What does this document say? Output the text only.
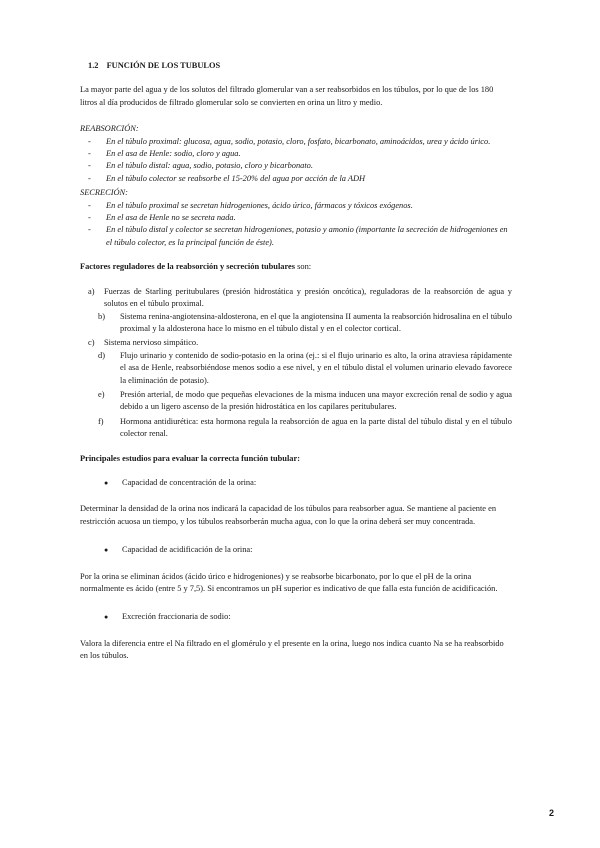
1.2 FUNCIÓN DE LOS TUBULOS

La mayor parte del agua y de los solutos del filtrado glomerular van a ser reabsorbidos en los túbulos, por lo que de los 180 litros al día producidos de filtrado glomerular solo se convierten en orina un litro y medio.

REABSORCIÓN:
- En el túbulo proximal: glucosa, agua, sodio, potasio, cloro, fosfato, bicarbonato, aminoácidos, urea y ácido úrico.
- En el asa de Henle: sodio, cloro y agua.
- En el túbulo distal: agua, sodio, potasio, cloro y bicarbonato.
- En el túbulo colector se reabsorbe el 15-20% del agua por acción de la ADH
SECRECIÓN:
- En el túbulo proximal se secretan hidrogeniones, ácido úrico, fármacos y tóxicos exógenos.
- En el asa de Henle no se secreta nada.
- En el túbulo distal y colector se secretan hidrogeniones, potasio y amonio (importante la secreción de hidrogeniones en el túbulo colector, es la principal función de éste).
Factores reguladores de la reabsorción y secreción tubulares son:
a) Fuerzas de Starling peritubulares (presión hidrostática y presión oncótica), reguladoras de la reabsorción de agua y solutos en el túbulo proximal.
b) Sistema renina-angiotensina-aldosterona, en el que la angiotensina II aumenta la reabsorción hidrosalina en el túbulo proximal y la aldosterona hace lo mismo en el túbulo distal y en el colector cortical.
c) Sistema nervioso simpático.
d) Flujo urinario y contenido de sodio-potasio en la orina (ej.: si el flujo urinario es alto, la orina atraviesa rápidamente el asa de Henle, reabsorbiéndose menos sodio a ese nivel, y en el túbulo distal el volumen urinario elevado favorece la eliminación de potasio).
e) Presión arterial, de modo que pequeñas elevaciones de la misma inducen una mayor excreción renal de sodio y agua debido a un ligero ascenso de la presión hidrostática en los capilares peritubulares.
f) Hormona antidiurética: esta hormona regula la reabsorción de agua en la parte distal del túbulo distal y en el túbulo colector renal.
Principales estudios para evaluar la correcta función tubular:
● Capacidad de concentración de la orina:

Determinar la densidad de la orina nos indicará la capacidad de los túbulos para reabsorber agua. Se mantiene al paciente en restricción acuosa un tiempo, y los túbulos reabsorberán mucha agua, con lo que la orina deberá ser muy concentrada.

● Capacidad de acidificación de la orina:

Por la orina se eliminan ácidos (ácido úrico e hidrogeniones) y se reabsorbe bicarbonato, por lo que el pH de la orina normalmente es ácido (entre 5 y 7,5). Si encontramos un pH superior es indicativo de que falla esta función de acidificación.

● Excreción fraccionaria de sodio:

Valora la diferencia entre el Na filtrado en el glomérulo y el presente en la orina, luego nos indica cuanto Na se ha reabsorbido en los túbulos.

2
